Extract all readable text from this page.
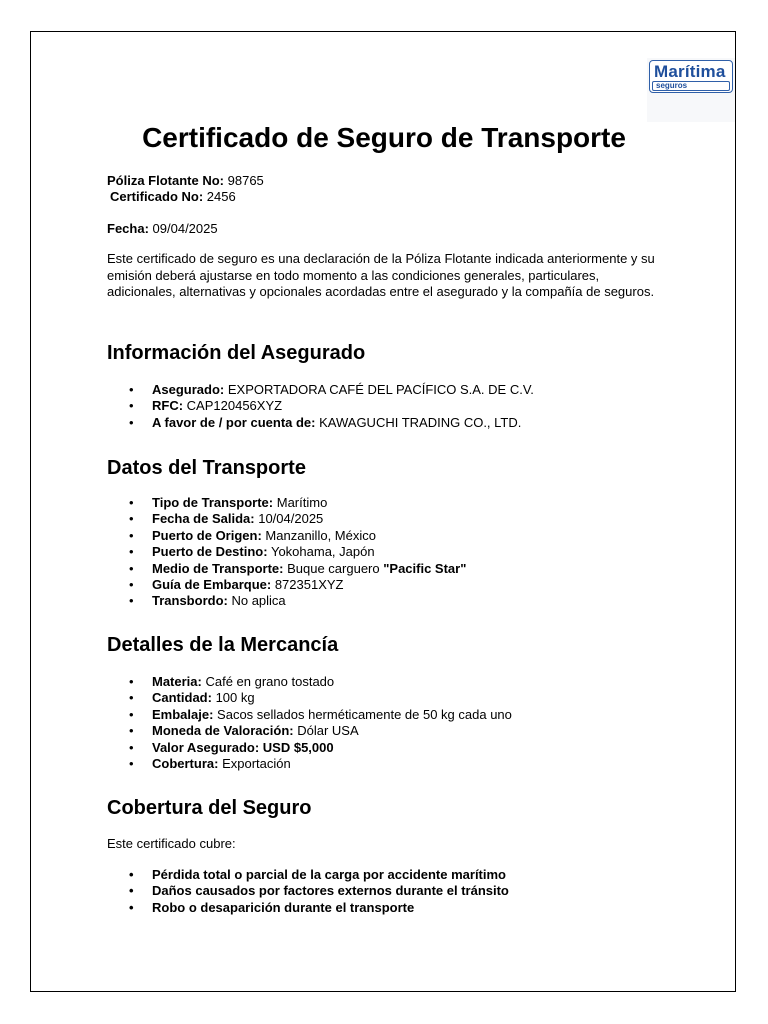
Marítima
seguros
Certificado de Seguro de Transporte

Póliza Flotante No: 98765

Certificado No: 2456

Fecha: 09/04/2025

Este certificado de seguro es una declaración de la Póliza Flotante indicada anteriormente y su emisión deberá ajustarse en todo momento a las condiciones generales, particulares, adicionales, alternativas y opcionales acordadas entre el asegurado y la compañía de seguros.

Información del Asegurado
• Asegurado: EXPORTADORA CAFÉ DEL PACÍFICO S.A. DE C.V.
• RFC: CAP120456XYZ
• A favor de / por cuenta de: KAWAGUCHI TRADING CO., LTD.
Datos del Transporte
• Tipo de Transporte: Marítimo
• Fecha de Salida: 10/04/2025
• Puerto de Origen: Manzanillo, México
• Puerto de Destino: Yokohama, Japón
• Medio de Transporte: Buque carguero "Pacific Star"
• Guía de Embarque: 872351XYZ
• Transbordo: No aplica
Detalles de la Mercancía
• Materia: Café en grano tostado
• Cantidad: 100 kg
• Embalaje: Sacos sellados herméticamente de 50 kg cada uno
• Moneda de Valoración: Dólar USA
• Valor Asegurado: USD $5,000
• Cobertura: Exportación
Cobertura del Seguro

Este certificado cubre:

• Pérdida total o parcial de la carga por accidente marítimo
• Daños causados por factores externos durante el tránsito
• Robo o desaparición durante el transporte
